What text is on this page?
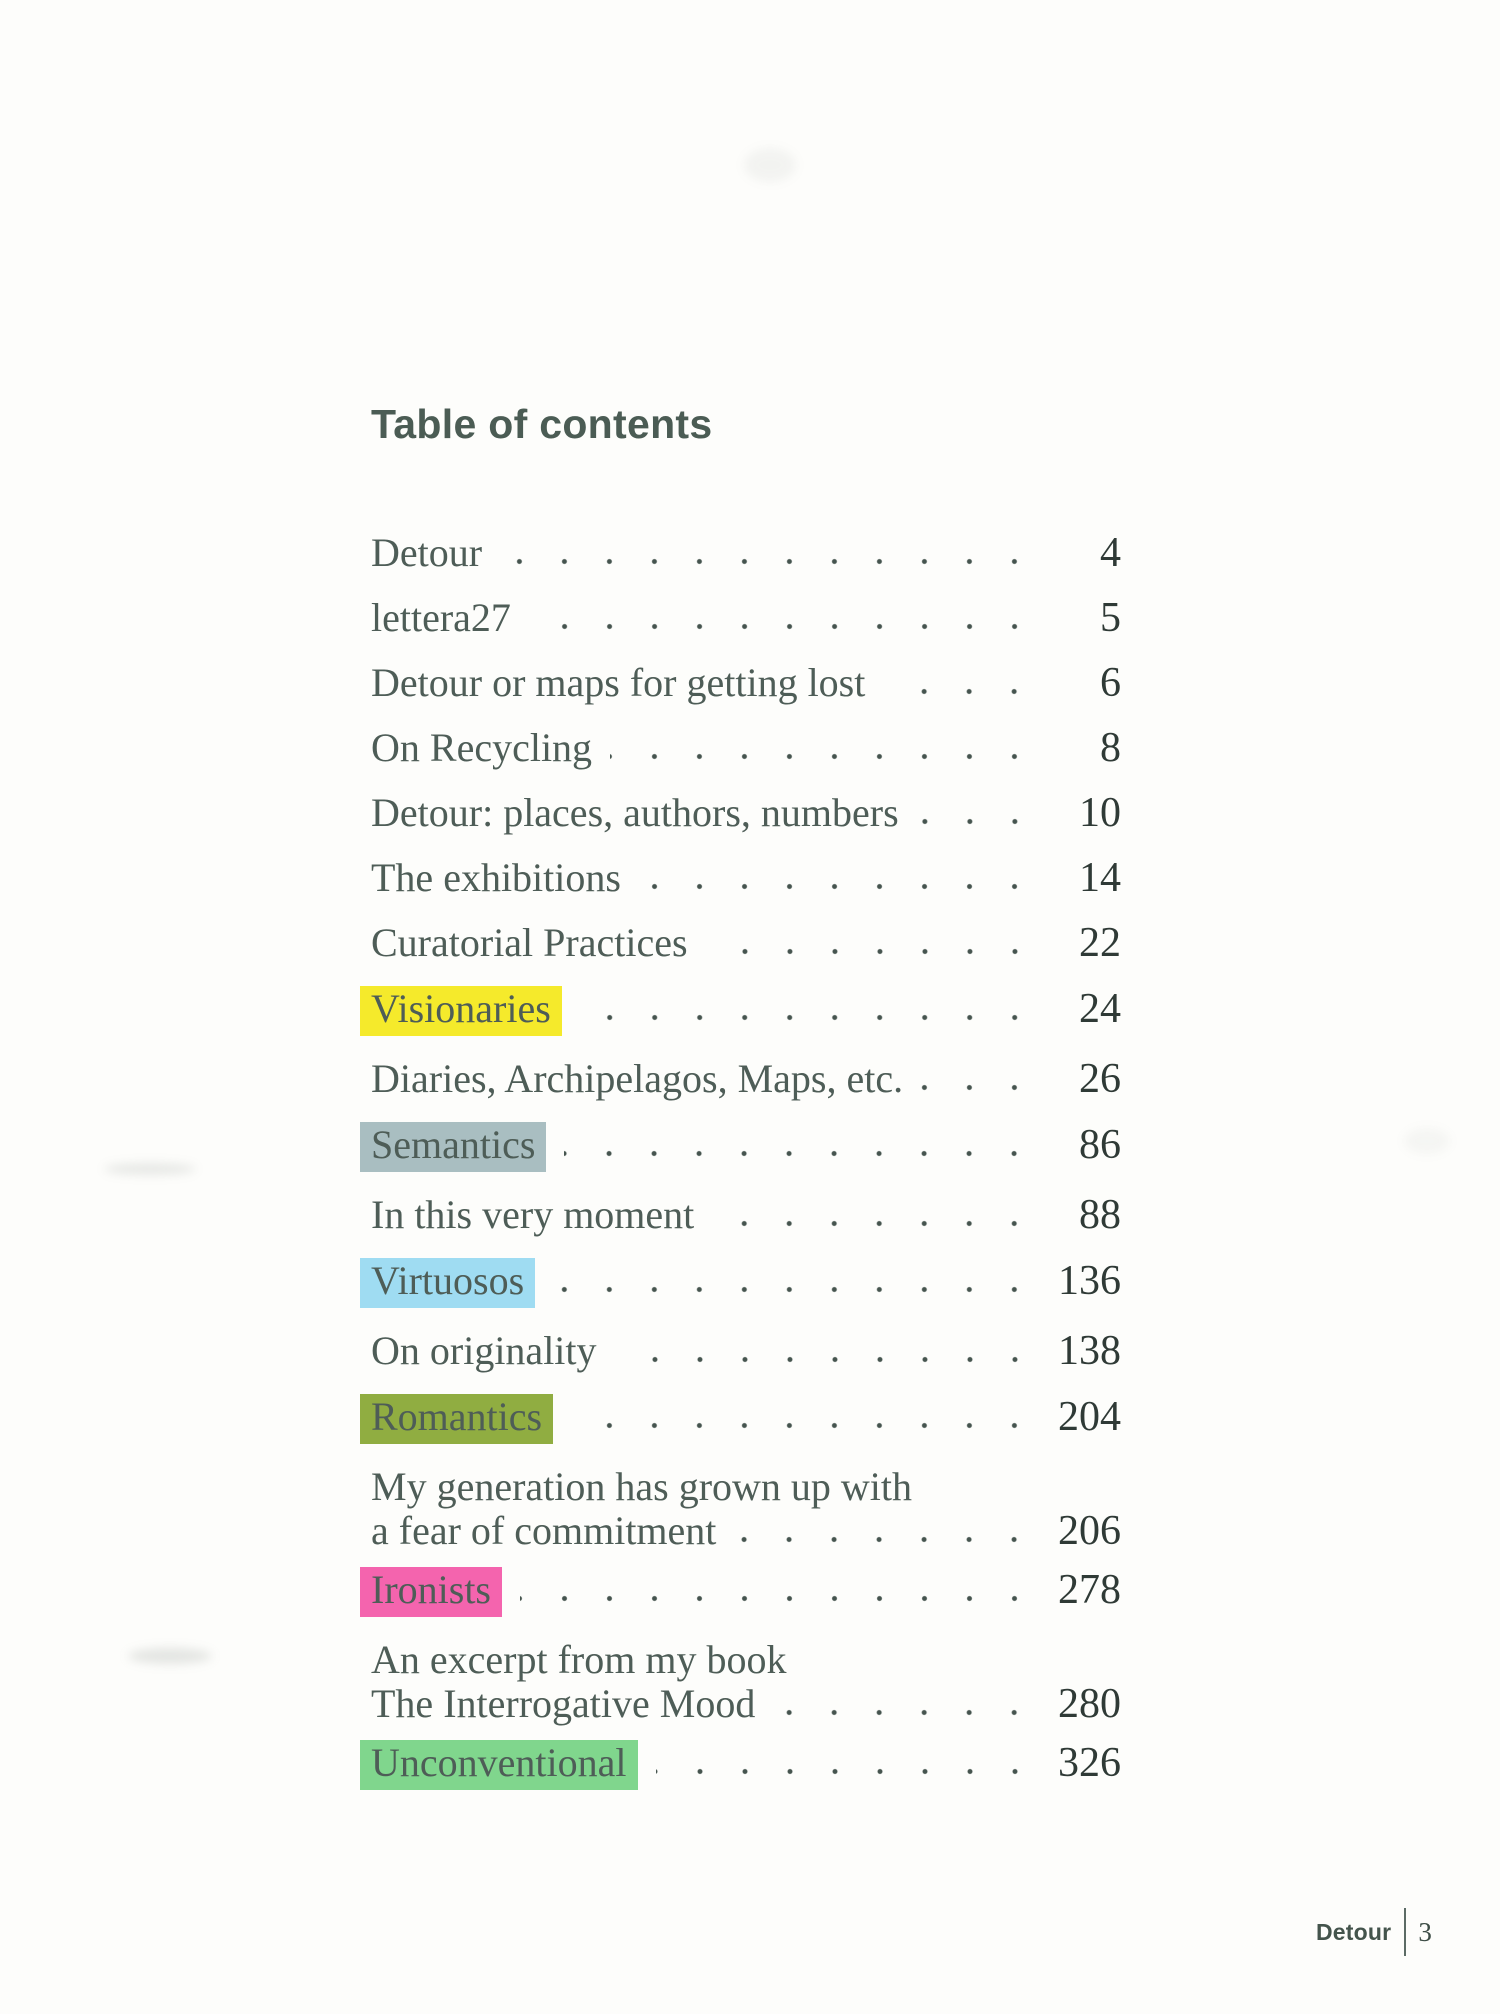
Table of contents
Detour	4
lettera27	5
Detour or maps for getting lost	6
On Recycling	8
Detour: places, authors, numbers	10
The exhibitions	14
Curatorial Practices	22
Visionaries	24
Diaries, Archipelagos, Maps, etc.	26
Semantics	86
In this very moment	88
Virtuosos	136
On originality	138
Romantics	204
My generation has grown up with
a fear of commitment	206
Ironists	278
An excerpt from my book
The Interrogative Mood	280
Unconventional	326
Detour 3
